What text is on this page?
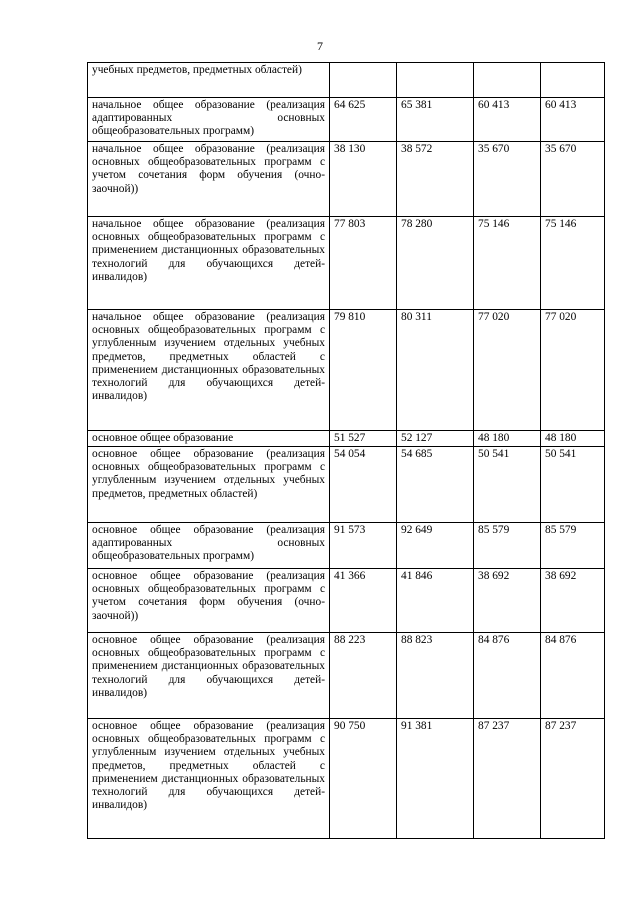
7
учебных предметов, предметных областей)				
начальное общее образование (реализация адаптированных основных общеобразовательных программ)	64 625	65 381	60 413	60 413
начальное общее образование (реализация основных общеобразовательных программ с учетом сочетания форм обучения (очно-заочной))	38 130	38 572	35 670	35 670
начальное общее образование (реализация основных общеобразовательных программ с применением дистанционных образовательных технологий для обучающихся детей-инвалидов)	77 803	78 280	75 146	75 146
начальное общее образование (реализация основных общеобразовательных программ с углубленным изучением отдельных учебных предметов, предметных областей с применением дистанционных образовательных технологий для обучающихся детей-инвалидов)	79 810	80 311	77 020	77 020
основное общее образование	51 527	52 127	48 180	48 180
основное общее образование (реализация основных общеобразовательных программ с углубленным изучением отдельных учебных предметов, предметных областей)	54 054	54 685	50 541	50 541
основное общее образование (реализация адаптированных основных общеобразовательных программ)	91 573	92 649	85 579	85 579
основное общее образование (реализация основных общеобразовательных программ с учетом сочетания форм обучения (очно-заочной))	41 366	41 846	38 692	38 692
основное общее образование (реализация основных общеобразовательных программ с применением дистанционных образовательных технологий для обучающихся детей-инвалидов)	88 223	88 823	84 876	84 876
основное общее образование (реализация основных общеобразовательных программ с углубленным изучением отдельных учебных предметов, предметных областей с применением дистанционных образовательных технологий для обучающихся детей-инвалидов)	90 750	91 381	87 237	87 237
